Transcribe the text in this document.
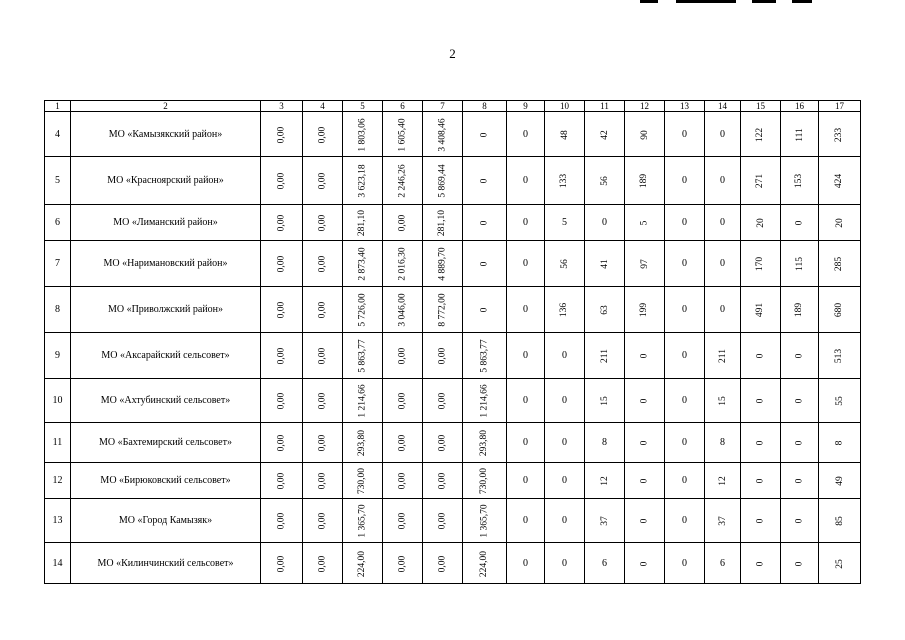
2
1	2	3	4	5	6	7	8	9	10	11	12	13	14	15	16	17
4	МО «Камызякский район»	0,00	0,00	1 803,06	1 605,40	3 408,46	0	0	48	42	90	0	0	122	111	233
5	МО «Красноярский район»	0,00	0,00	3 623,18	2 246,26	5 869,44	0	0	133	56	189	0	0	271	153	424
6	МО «Лиманский район»	0,00	0,00	281,10	0,00	281,10	0	0	5	0	5	0	0	20	0	20
7	МО «Наримановский район»	0,00	0,00	2 873,40	2 016,30	4 889,70	0	0	56	41	97	0	0	170	115	285
8	МО «Приволжский район»	0,00	0,00	5 726,00	3 046,00	8 772,00	0	0	136	63	199	0	0	491	189	680
9	МО «Аксарайский сельсовет»	0,00	0,00	5 863,77	0,00	0,00	5 863,77	0	0	211	0	0	211	0	0	513
10	МО «Ахтубинский сельсовет»	0,00	0,00	1 214,66	0,00	0,00	1 214,66	0	0	15	0	0	15	0	0	55
11	МО «Бахтемирский сельсовет»	0,00	0,00	293,80	0,00	0,00	293,80	0	0	8	0	0	8	0	0	8
12	МО «Бирюковский сельсовет»	0,00	0,00	730,00	0,00	0,00	730,00	0	0	12	0	0	12	0	0	49
13	МО «Город Камызяк»	0,00	0,00	1 365,70	0,00	0,00	1 365,70	0	0	37	0	0	37	0	0	85
14	МО «Килинчинский сельсовет»	0,00	0,00	224,00	0,00	0,00	224,00	0	0	6	0	0	6	0	0	25
